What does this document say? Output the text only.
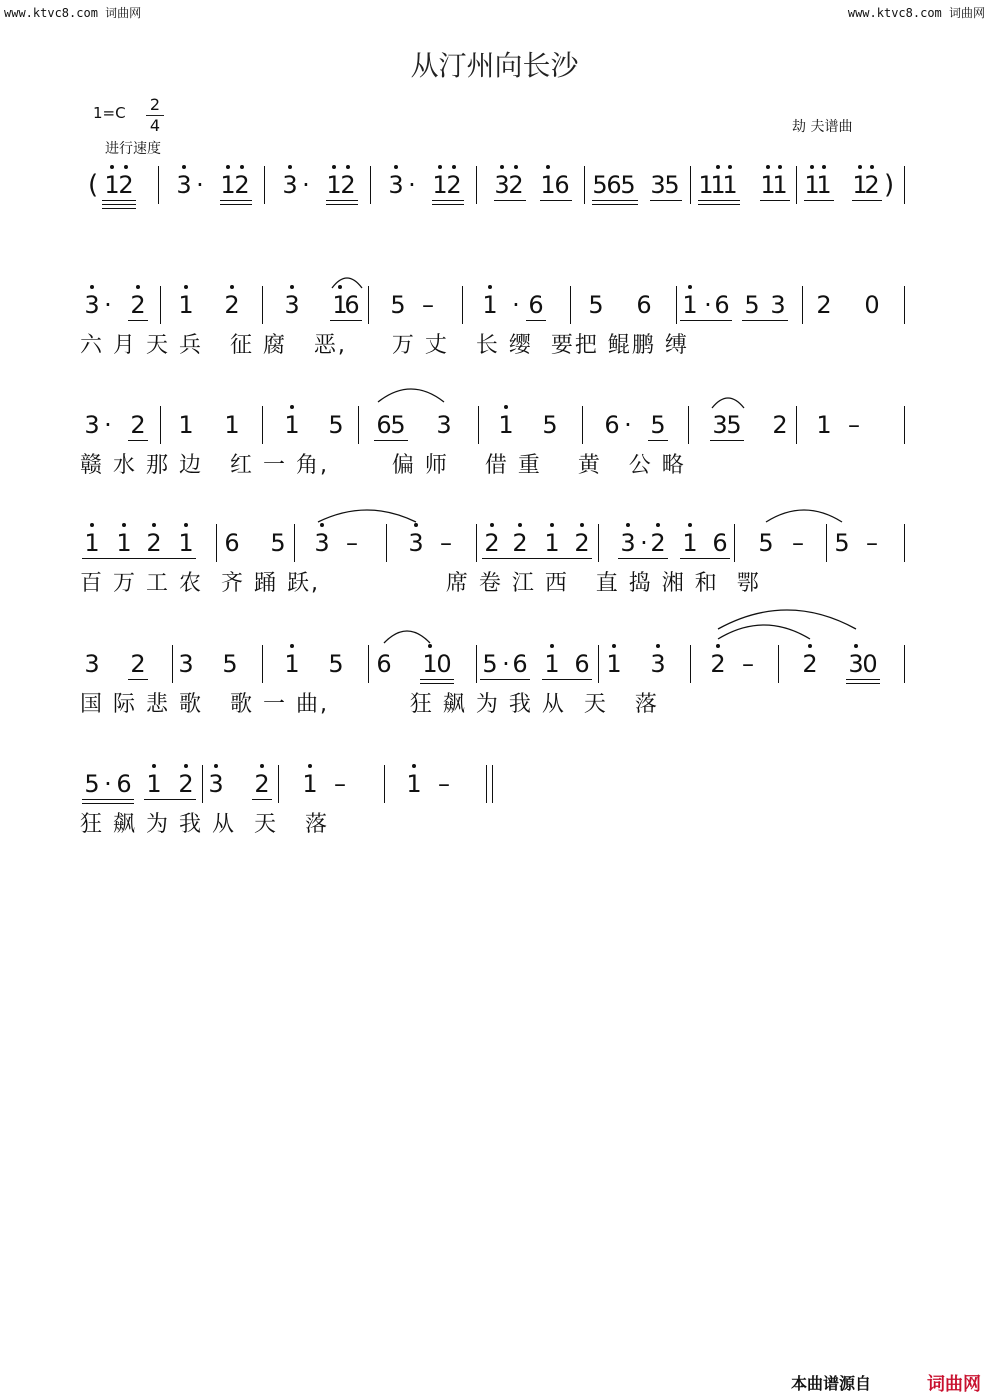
www.ktvc8.com 词曲网	www.ktvc8.com 词曲网
从汀州向长沙
1=C 2
4
进行速度
劫 夫谱曲
( 1
2 3 · 1
2 3 · 1
2 3 · 1
2 3
2 1
6 5
6
5 3
5 1
1
1 1
1 1
1 1
2 )
3 · 2 1 2 3 1
6 5 – 1 · 6 5 6 1 · 6 5 3 2 0
六 月 天 兵   征 腐   恶,     万 丈   长 缨  要把 鲲鹏 缚
3 · 2 1 1 1 5 6
5 3 1 5 6 · 5 3
5 2 1 –
赣 水 那 边   红 一 角,       偏 师    借 重    黄   公 略
1 1 2 1 6 5 3 – 3 – 2 2 1 2 3 · 2 1 6 5 – 5 –
百 万 工 农  齐 踊 跃,              席 卷 江 西   直 捣 湘 和  鄂
3 2 3 5 1 5 6 1
0 5 · 6 1 6 1 3 2 – 2 3
0
国 际 悲 歌   歌 一 曲,         狂 飙 为 我 从  天   落
5 · 6 1 2 3 2 1 –	1 –
狂 飙 为 我 从  天   落
本曲谱源自	词曲网
